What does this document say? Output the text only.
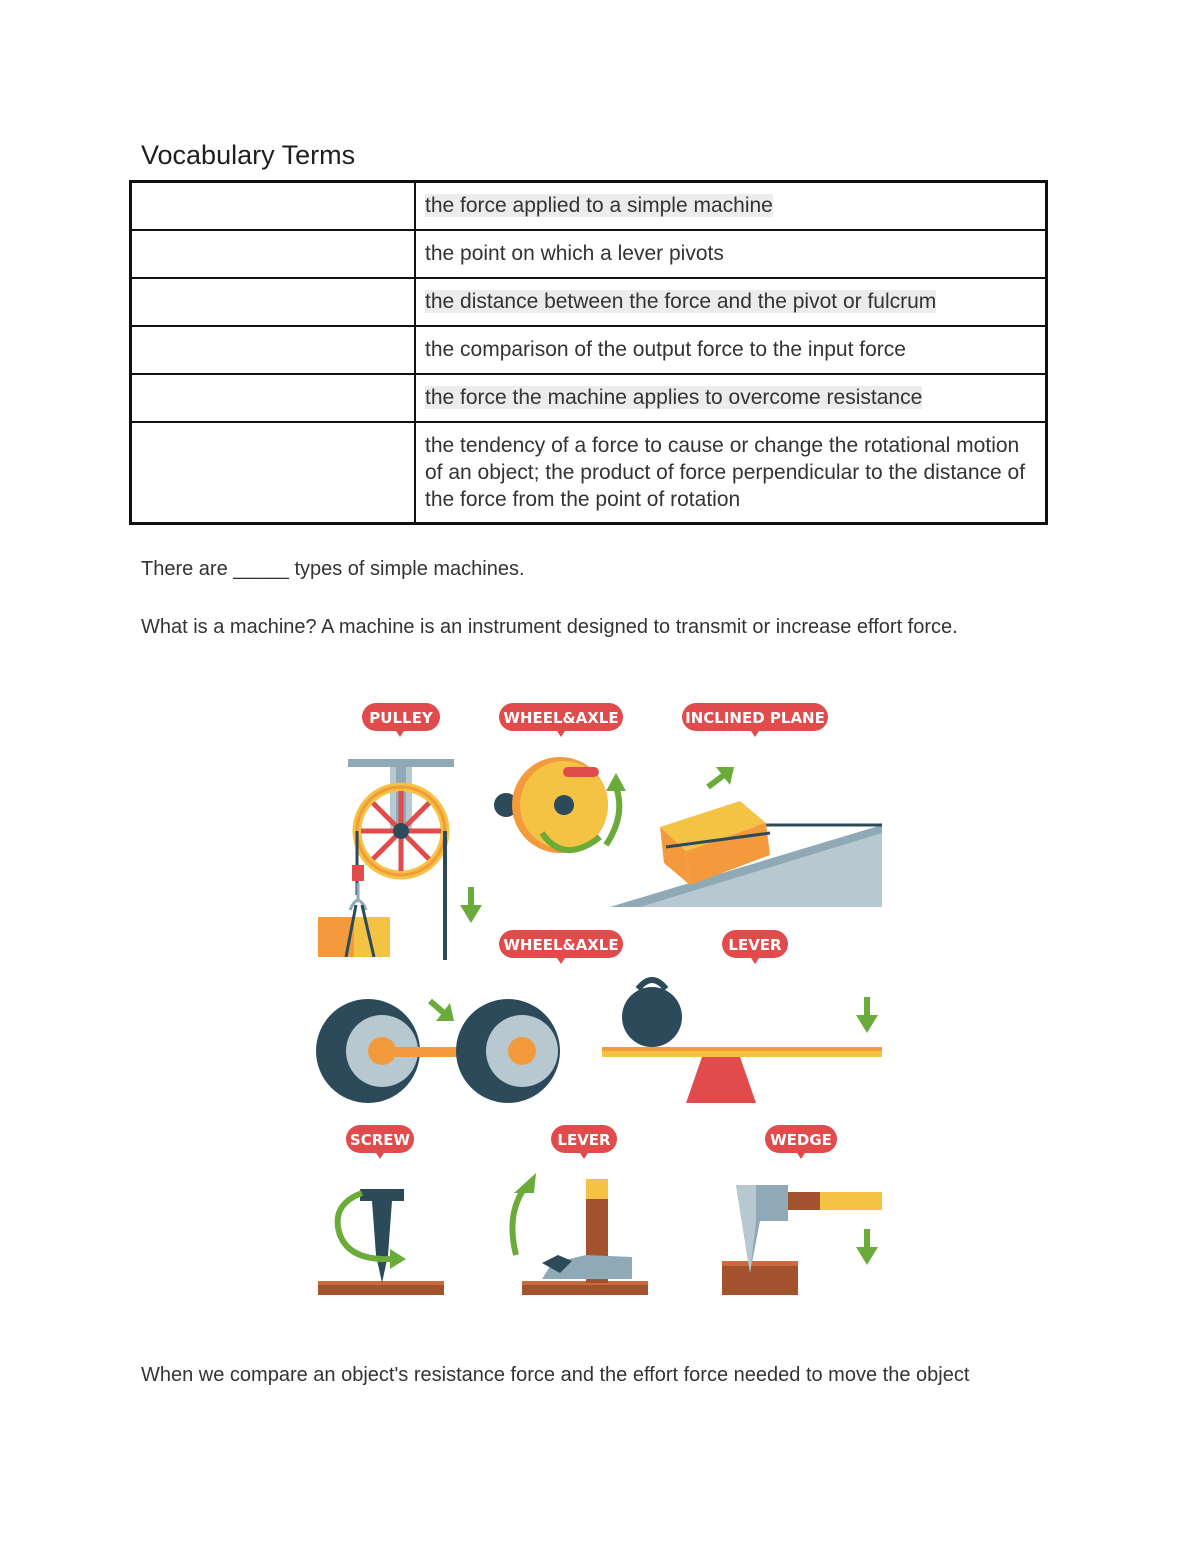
Vocabulary Terms
	the force applied to a simple machine
	the point on which a lever pivots
	the distance between the force and the pivot or fulcrum
	the comparison of the output force to the input force
	the force the machine applies to overcome resistance
	the tendency of a force to cause or change the rotational motion of an object; the product of force perpendicular to the distance of the force from the point of rotation
There are _____ types of simple machines.
What is a machine? A machine is an instrument designed to transmit or increase effort force.
PULLEY	WHEEL&AXLE	INCLINED PLANE
WHEEL&AXLE	LEVER
SCREW	LEVER	WEDGE
When we compare an object's resistance force and the effort force needed to move the object
